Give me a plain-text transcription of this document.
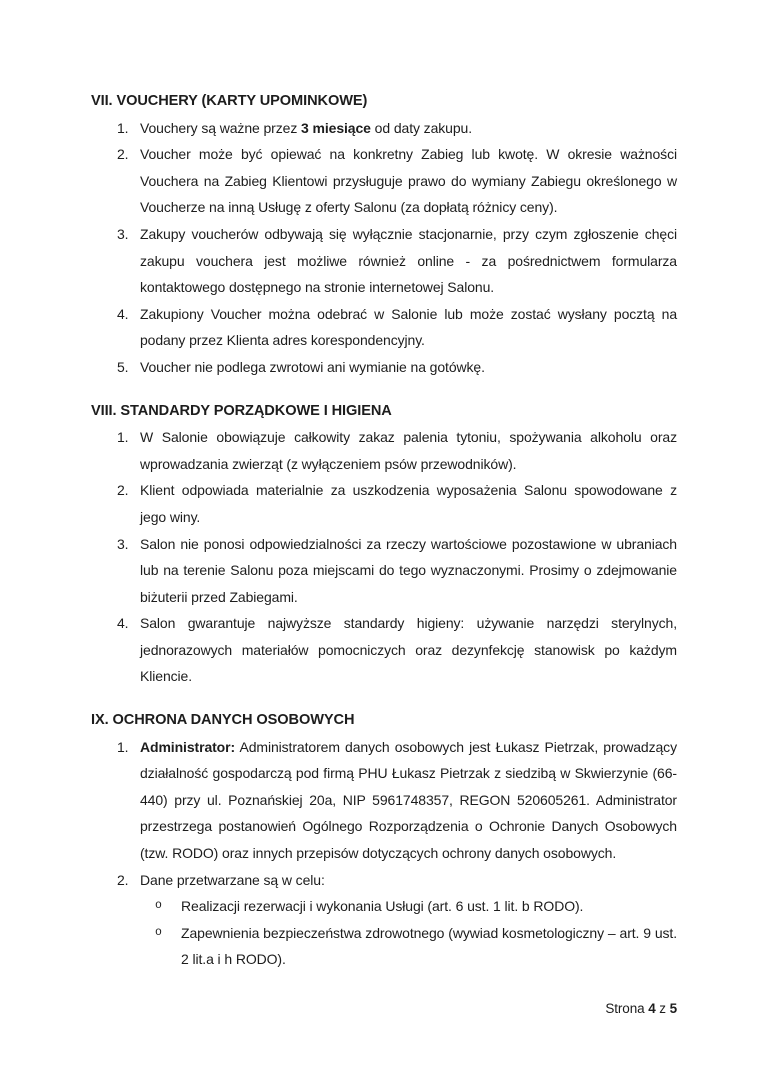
VII. VOUCHERY (KARTY UPOMINKOWE)
1. Vouchery są ważne przez 3 miesiące od daty zakupu.
2. Voucher może być opiewać na konkretny Zabieg lub kwotę. W okresie ważności Vouchera na Zabieg Klientowi przysługuje prawo do wymiany Zabiegu określonego w Voucherze na inną Usługę z oferty Salonu (za dopłatą różnicy ceny).
3. Zakupy voucherów odbywają się wyłącznie stacjonarnie, przy czym zgłoszenie chęci zakupu vouchera jest możliwe również online - za pośrednictwem formularza kontaktowego dostępnego na stronie internetowej Salonu.
4. Zakupiony Voucher można odebrać w Salonie lub może zostać wysłany pocztą na podany przez Klienta adres korespondencyjny.
5. Voucher nie podlega zwrotowi ani wymianie na gotówkę.
VIII. STANDARDY PORZĄDKOWE I HIGIENA
1. W Salonie obowiązuje całkowity zakaz palenia tytoniu, spożywania alkoholu oraz wprowadzania zwierząt (z wyłączeniem psów przewodników).
2. Klient odpowiada materialnie za uszkodzenia wyposażenia Salonu spowodowane z jego winy.
3. Salon nie ponosi odpowiedzialności za rzeczy wartościowe pozostawione w ubraniach lub na terenie Salonu poza miejscami do tego wyznaczonymi. Prosimy o zdejmowanie biżuterii przed Zabiegami.
4. Salon gwarantuje najwyższe standardy higieny: używanie narzędzi sterylnych, jednorazowych materiałów pomocniczych oraz dezynfekcję stanowisk po każdym Kliencie.
IX. OCHRONA DANYCH OSOBOWYCH
1. Administrator: Administratorem danych osobowych jest Łukasz Pietrzak, prowadzący działalność gospodarczą pod firmą PHU Łukasz Pietrzak z siedzibą w Skwierzynie (66-440) przy ul. Poznańskiej 20a, NIP 5961748357, REGON 520605261. Administrator przestrzega postanowień Ogólnego Rozporządzenia o Ochronie Danych Osobowych (tzw. RODO) oraz innych przepisów dotyczących ochrony danych osobowych.
2. Dane przetwarzane są w celu:
o	Realizacji rezerwacji i wykonania Usługi (art. 6 ust. 1 lit. b RODO).
o	Zapewnienia bezpieczeństwa zdrowotnego (wywiad kosmetologiczny – art. 9 ust. 2 lit.a i h RODO).
Strona 4 z 5
